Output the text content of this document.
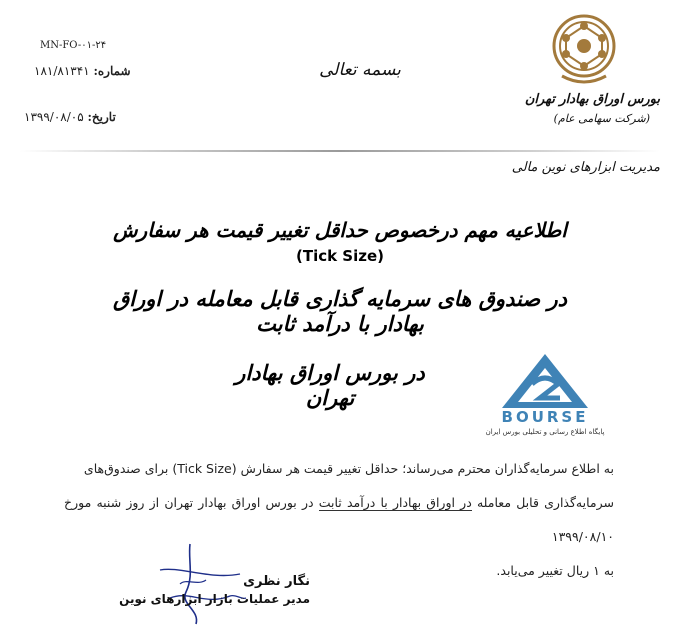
MN-FO-۰۱-۲۴
شماره: ۱۸۱/۸۱۳۴۱
تاریخ: ۱۳۹۹/۰۸/۰۵
بسمه تعالی
بورس اوراق بهادار تهران
(شرکت سهامی عام)
مدیریت ابزارهای نوین مالی
اطلاعیه مهم درخصوص حداقل تغییر قیمت هر سفارش (Tick Size)
در صندوق های سرمایه گذاری قابل معامله در اوراق بهادار با درآمد ثابت
در بورس اوراق بهادار تهران
BOURSE
پایگاه اطلاع رسانی و تحلیلی بورس ایران
به اطلاع سرمایه‌گذاران محترم می‌رساند؛ حداقل تغییر قیمت هر سفارش (Tick Size) برای صندوق‌های
سرمایه‌گذاری قابل معامله در اوراق بهادار با درآمد ثابت در بورس اوراق بهادار تهران از روز شنبه مورخ ۱۳۹۹/۰۸/۱۰
به ۱ ریال تغییر می‌یابد.
نگار نظری
مدیر عملیات بازار ابزارهای نوین
